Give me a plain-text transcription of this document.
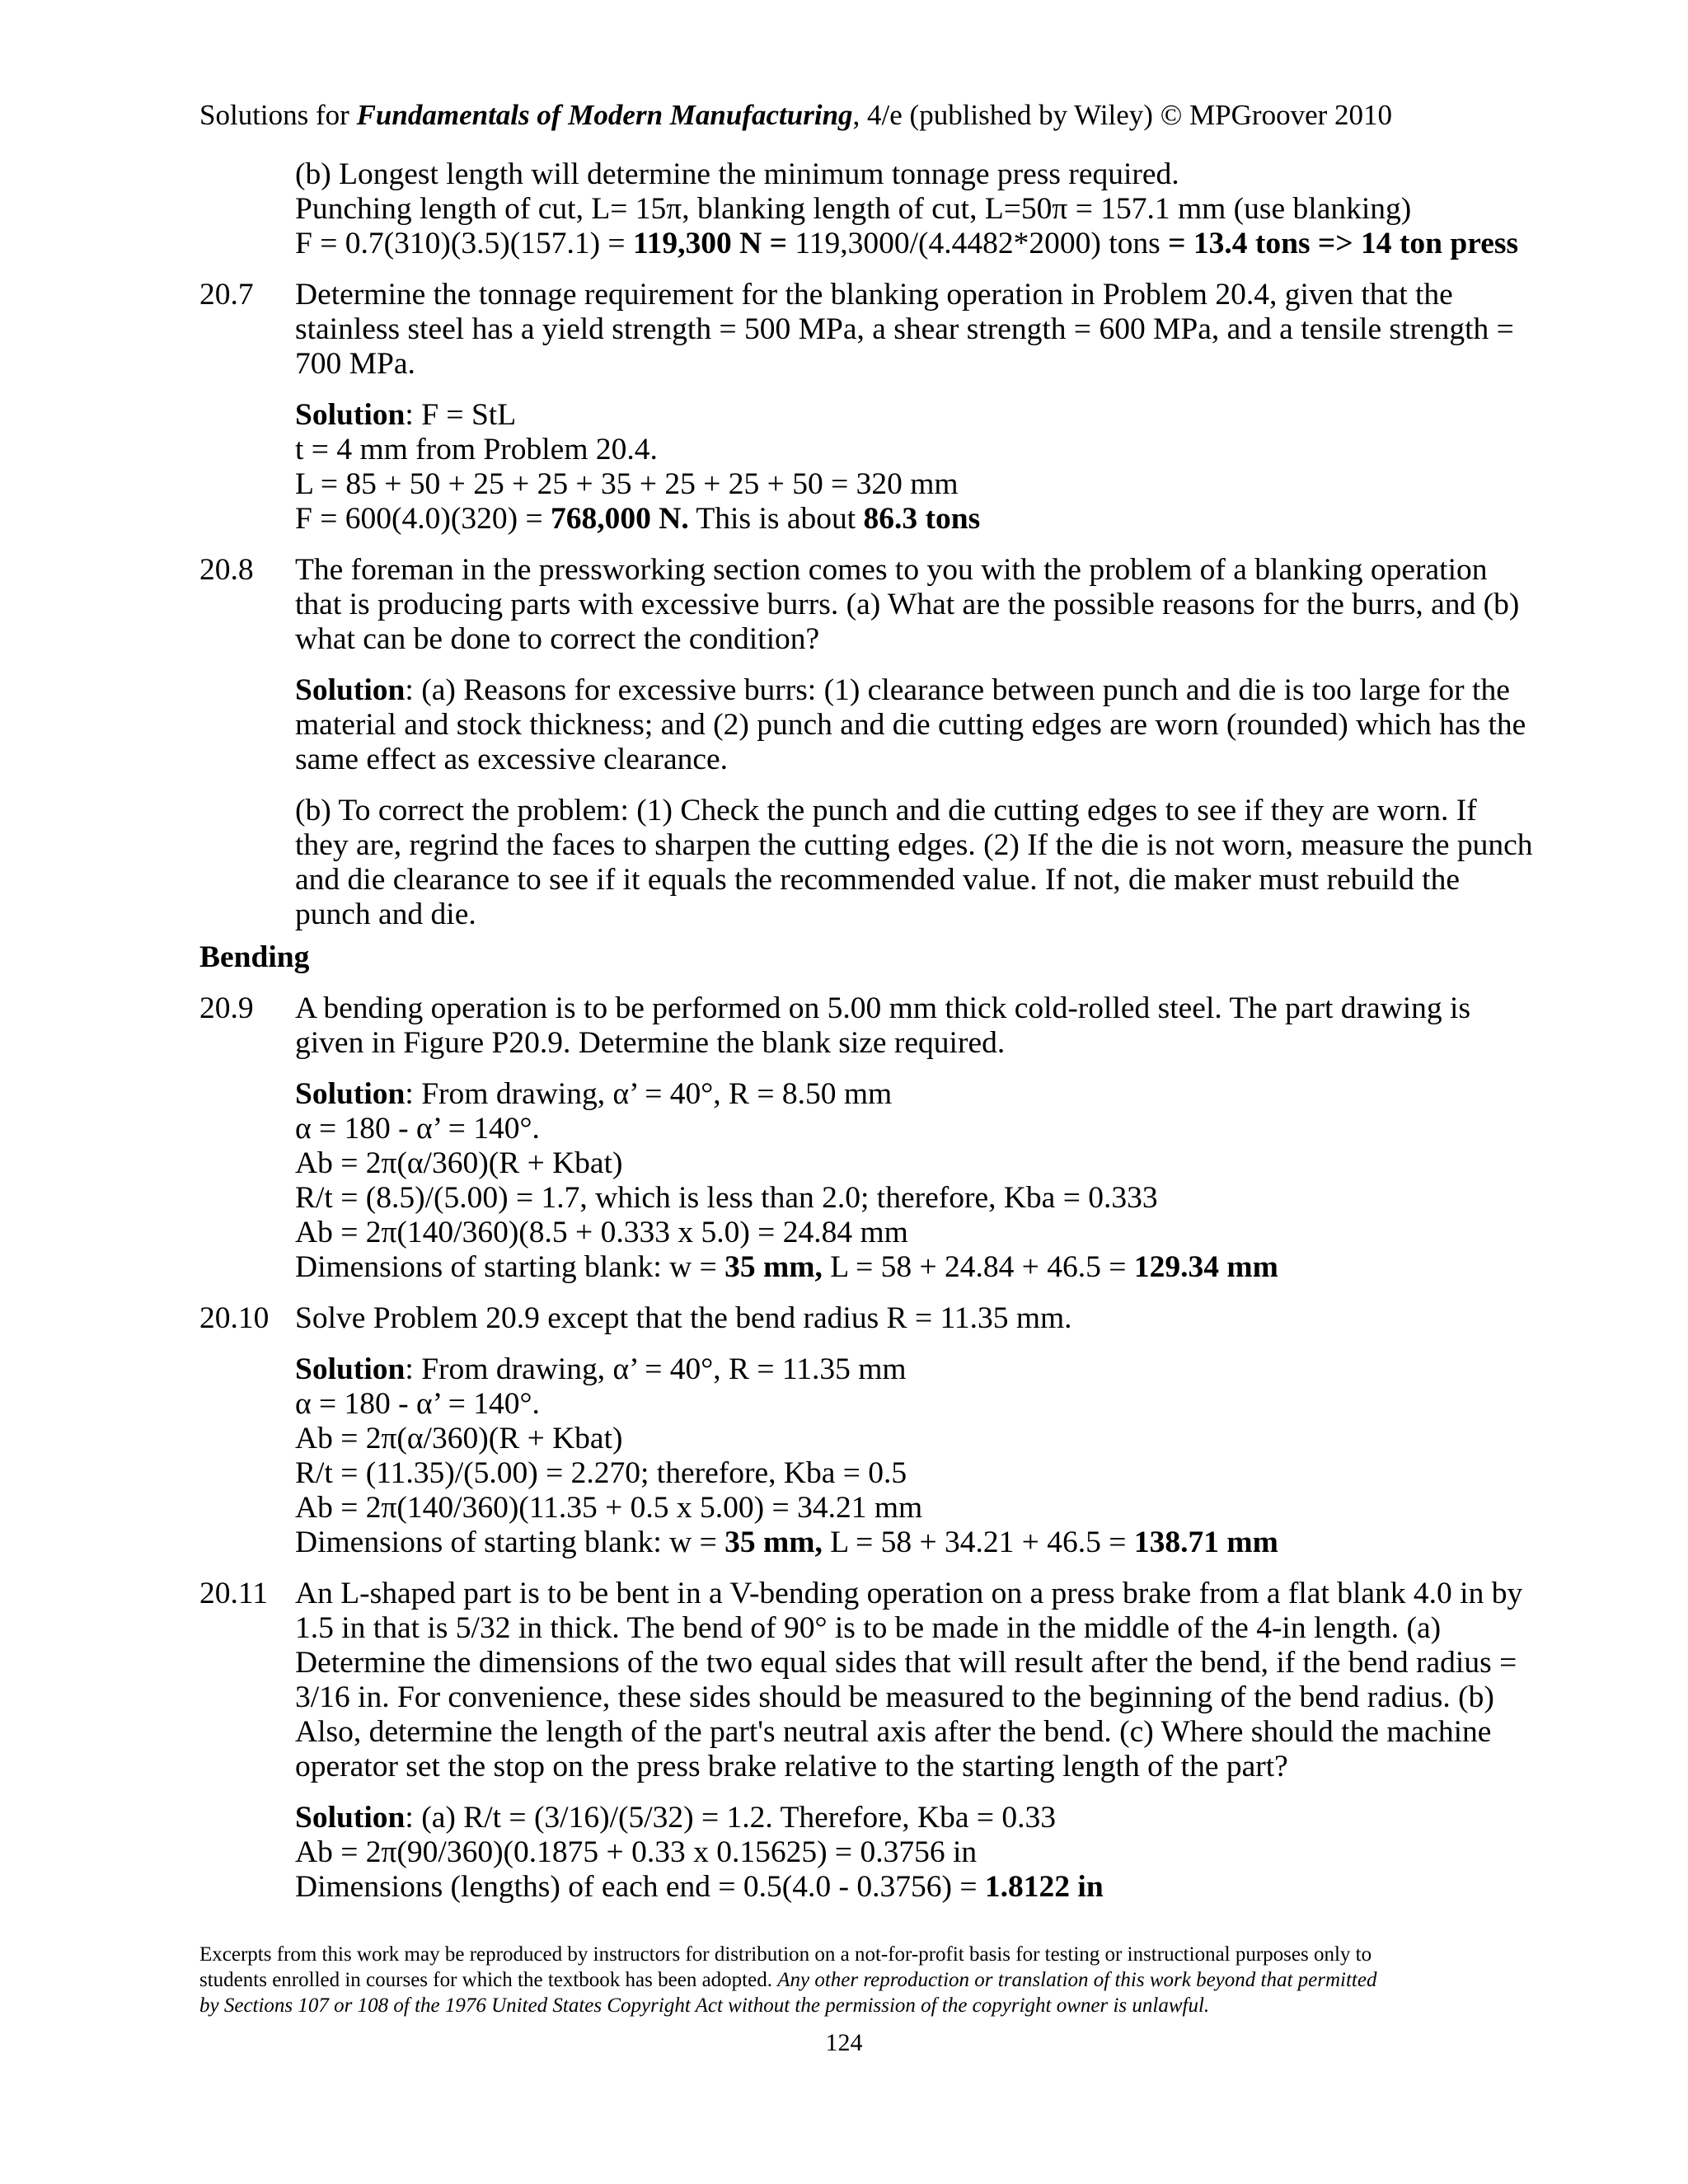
Solutions for Fundamentals of Modern Manufacturing, 4/e (published by Wiley) © MPGroover 2010
(b) Longest length will determine the minimum tonnage press required.
Punching length of cut, L= 15π, blanking length of cut, L=50π = 157.1 mm (use blanking)
F = 0.7(310)(3.5)(157.1) = 119,300 N = 119,3000/(4.4482*2000) tons = 13.4 tons => 14 ton press
20.7 Determine the tonnage requirement for the blanking operation in Problem 20.4, given that the
stainless steel has a yield strength = 500 MPa, a shear strength = 600 MPa, and a tensile strength =
700 MPa.
Solution: F = StL
t = 4 mm from Problem 20.4.
L = 85 + 50 + 25 + 25 + 35 + 25 + 25 + 50 = 320 mm
F = 600(4.0)(320) = 768,000 N. This is about 86.3 tons
20.8 The foreman in the pressworking section comes to you with the problem of a blanking operation
that is producing parts with excessive burrs. (a) What are the possible reasons for the burrs, and (b)
what can be done to correct the condition?
Solution: (a) Reasons for excessive burrs: (1) clearance between punch and die is too large for the
material and stock thickness; and (2) punch and die cutting edges are worn (rounded) which has the
same effect as excessive clearance.
(b) To correct the problem: (1) Check the punch and die cutting edges to see if they are worn. If
they are, regrind the faces to sharpen the cutting edges. (2) If the die is not worn, measure the punch
and die clearance to see if it equals the recommended value. If not, die maker must rebuild the
punch and die.
Bending
20.9 A bending operation is to be performed on 5.00 mm thick cold-rolled steel. The part drawing is
given in Figure P20.9. Determine the blank size required.
Solution: From drawing, α’ = 40°, R = 8.50 mm
α = 180 - α’ = 140°.
Ab = 2π(α/360)(R + Kbat)
R/t = (8.5)/(5.00) = 1.7, which is less than 2.0; therefore, Kba = 0.333
Ab = 2π(140/360)(8.5 + 0.333 x 5.0) = 24.84 mm
Dimensions of starting blank: w = 35 mm, L = 58 + 24.84 + 46.5 = 129.34 mm
20.10 Solve Problem 20.9 except that the bend radius R = 11.35 mm.
Solution: From drawing, α’ = 40°, R = 11.35 mm
α = 180 - α’ = 140°.
Ab = 2π(α/360)(R + Kbat)
R/t = (11.35)/(5.00) = 2.270; therefore, Kba = 0.5
Ab = 2π(140/360)(11.35 + 0.5 x 5.00) = 34.21 mm
Dimensions of starting blank: w = 35 mm, L = 58 + 34.21 + 46.5 = 138.71 mm
20.11 An L-shaped part is to be bent in a V-bending operation on a press brake from a flat blank 4.0 in by
1.5 in that is 5/32 in thick. The bend of 90° is to be made in the middle of the 4-in length. (a)
Determine the dimensions of the two equal sides that will result after the bend, if the bend radius =
3/16 in. For convenience, these sides should be measured to the beginning of the bend radius. (b)
Also, determine the length of the part's neutral axis after the bend. (c) Where should the machine
operator set the stop on the press brake relative to the starting length of the part?
Solution: (a) R/t = (3/16)/(5/32) = 1.2. Therefore, Kba = 0.33
Ab = 2π(90/360)(0.1875 + 0.33 x 0.15625) = 0.3756 in
Dimensions (lengths) of each end = 0.5(4.0 - 0.3756) = 1.8122 in
Excerpts from this work may be reproduced by instructors for distribution on a not-for-profit basis for testing or instructional purposes only to
students enrolled in courses for which the textbook has been adopted. Any other reproduction or translation of this work beyond that permitted
by Sections 107 or 108 of the 1976 United States Copyright Act without the permission of the copyright owner is unlawful.
124
